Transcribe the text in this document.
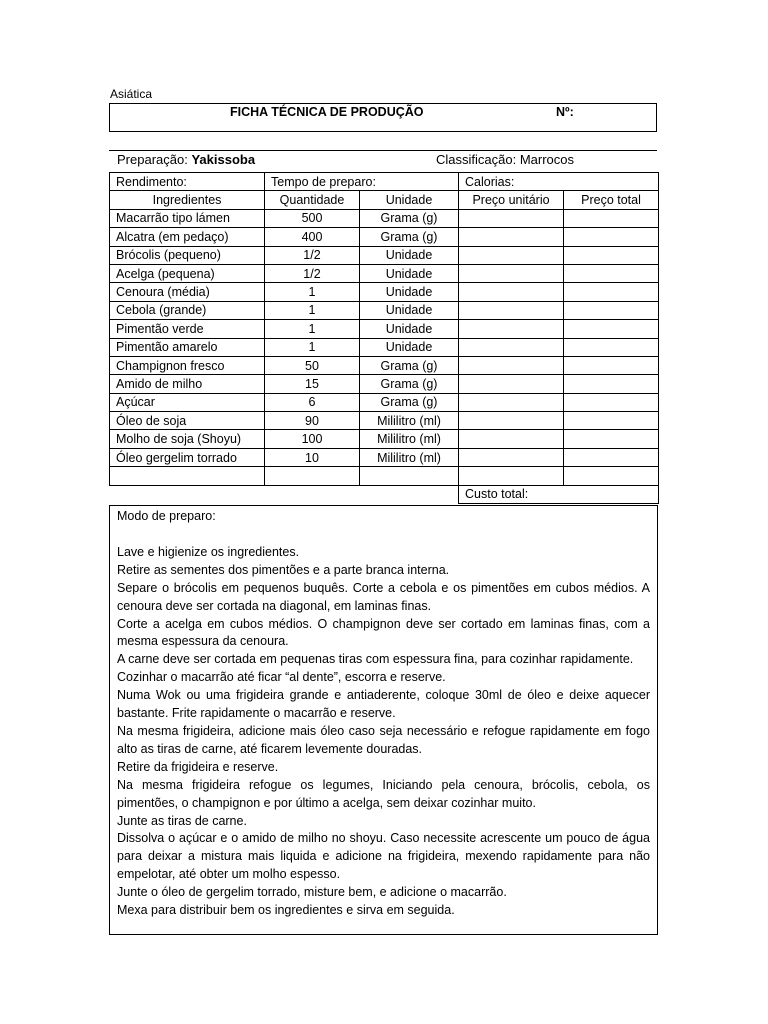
Asiática
FICHA TÉCNICA DE PRODUÇÃO	Nº:
Preparação: Yakissoba	Classificação: Marrocos
Rendimento:	Tempo de preparo:		Calorias:	
Ingredientes	Quantidade	Unidade	Preço unitário	Preço total
Macarrão tipo lámen	500	Grama (g)		
Alcatra (em pedaço)	400	Grama (g)		
Brócolis (pequeno)	1/2	Unidade		
Acelga (pequena)	1/2	Unidade		
Cenoura (média)	1	Unidade		
Cebola (grande)	1	Unidade		
Pimentão verde	1	Unidade		
Pimentão amarelo	1	Unidade		
Champignon fresco	50	Grama (g)		
Amido de milho	15	Grama (g)		
Açúcar	6	Grama (g)		
Óleo de soja	90	Mililitro (ml)		
Molho de soja (Shoyu)	100	Mililitro (ml)		
Óleo gergelim torrado	10	Mililitro (ml)		

			Custo total:	

Modo de preparo:

Lave e higienize os ingredientes.

Retire as sementes dos pimentões e a parte branca interna.

Separe o brócolis em pequenos buquês. Corte a cebola e os pimentões em cubos médios. A cenoura deve ser cortada na diagonal, em laminas finas.

Corte a acelga em cubos médios. O champignon deve ser cortado em laminas finas, com a mesma espessura da cenoura.

A carne deve ser cortada em pequenas tiras com espessura fina, para cozinhar rapidamente.

Cozinhar o macarrão até ficar “al dente”, escorra e reserve.

Numa Wok ou uma frigideira grande e antiaderente, coloque 30ml de óleo e deixe aquecer bastante. Frite rapidamente o macarrão e reserve.

Na mesma frigideira, adicione mais óleo caso seja necessário e refogue rapidamente em fogo alto as tiras de carne, até ficarem levemente douradas.

Retire da frigideira e reserve.

Na mesma frigideira refogue os legumes, Iniciando pela cenoura, brócolis, cebola, os pimentões, o champignon e por último a acelga, sem deixar cozinhar muito.

Junte as tiras de carne.

Dissolva o açúcar e o amido de milho no shoyu. Caso necessite acrescente um pouco de água para deixar a mistura mais liquida e adicione na frigideira, mexendo rapidamente para não empelotar, até obter um molho espesso.

Junte o óleo de gergelim torrado, misture bem, e adicione o macarrão.

Mexa para distribuir bem os ingredientes e sirva em seguida.
